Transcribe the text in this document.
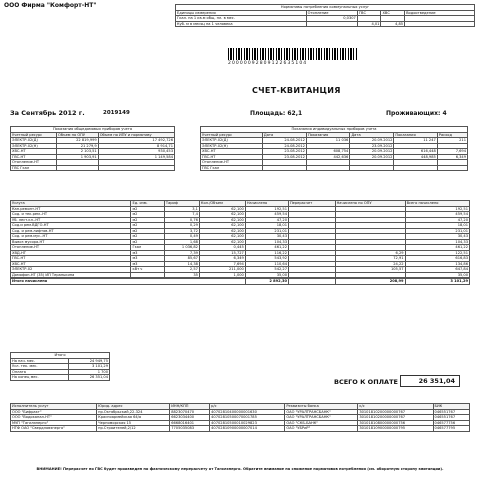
ООО Фирма "Комфорт-НТ"	Нормативы потребления коммунальных услуг				
Единицы измерения	Отопление	ГВС	ХВС	Водоотведение
Гкал. на 1 кв.м общ. пл. в мес.	0,0307			
Куб. м в месяц на 1 человека		4,01	4,85	
20000092809122635104
СЧЕТ-КВИТАНЦИЯ
За Сентябрь 2012 г.	2019149	Площадь: 62,1	Проживающих: 4
Показания общедомовых приборов учета		
Учетный ресурс	Объем по ОПУ	Объем по ИПУ и нормативу
ЭЛЕКТР-02(Д)	22 819,999	17 492,726
ЭЛЕКТР-02(Н)	21 279,9	8 914,71
ХВС-НТ	2 103,51	930,453
ГВС-НТ	1 903,91	1 149,584
Отопление-НТ		
ГВС Гкал		
Показания индивидуальных приборов учета					
Учетный ресурс	Дата	Показания	Дата	Показания	Расход
ЭЛЕКТР-02(Д)	24.08.2012	11 036	20.09.2012	11 247	211
ЭЛЕКТР-02(Н)	24.08.2012		23.09.2012		
ХВС-НТ	23.08.2012	608,754	20.09.2012	616,448	7,694
ГВС-НТ	23.08.2012	442,636	20.09.2012	448,985	6,349
Отопление-НТ					
ГВС Гкал					
Услуга	Ед. изм.	Тариф	Кол./Объем	Начислено	Перерасчет	Начислено по ОПУ	Всего начислено
Кап.ремонт-НТ	м2	3,1	62,100	192,51			192,51
Сод. и тек.рем.-НТ	м2	7,4	62,100	459,54			459,54
Уб. лест.кл.-НТ	м2	0,76	62,100	47,20			47,20
Сод.и рем.ВДГО-НТ	м2	0,29	62,100	18,01			18,01
Сод. и рем.лифтов-НТ	м2	3,72	62,100	231,01			231,01
Сод. и рем.мус.-НТ	м2	0,49	62,100	30,43			30,43
Вывоз мусора-НТ	м2	1,68	62,100	104,33			104,33
Отопление-НТ	Гкал	1 036,82	0,445	461,22			461,22
ХВД-НТ	м3	7,39	15,727	116,22		6,29	122,51
ГВС-НТ	м3	85,67	6,349	543,92		72,91	616,83
ХВС-НТ	м3	14,38	7,694	110,64		24,22	134,86
ЭЛЕКТР-02	кВт ч	2,57	211,000	542,27		105,57	647,84
Домофон-НТ (35) ИП Теранькина		35	1,000	35,00			35,00

Итого начислено				2 892,30		208,99	3 101,29
Итого	
На нач. мес.	24 949,75
Усл. тек. мес.	3 101,29
Оплата	1 700
На конец мес.	26 351,04
ВСЕГО К ОПЛАТЕ	26 351,04
Исполнитель услуг	Юрид. адрес	ИНН/КПП	р/с	Реквизиты банка	к/с	БИК
ООО "Бифракт"	пр.Октябрьский,22-324	8823070470	40702810400000001630	ОАО "УРАЛТРАНСБАНК"	30101810200000000767	046551767
ООО "Водоканал-НТ"	Красноармейская 64/а	6623034400	40702810500070001785	ОАО "УРАЛТРАНСБАНК"	30101810200000000767	046551767
МУП "Тагилэнерго"	Черноморская 15	6668016401	40702810500010029823	ОАО "СКБ-БАНК"	30101810800000000756	046577756
НТФ ОАО "Свердловэнерго"	пр.Строителей,2/12	7705035083	40702810900000007014	ОАО "УБРиР"	30101810900000000795	046577795
ВНИМАНИЕ! Перерасчет по ГВС будет произведен по фактическому перерасчету от Тагилэнерго. Обратите внимание на снижение нормативов потребления (см. оборотную сторону квитанции).
